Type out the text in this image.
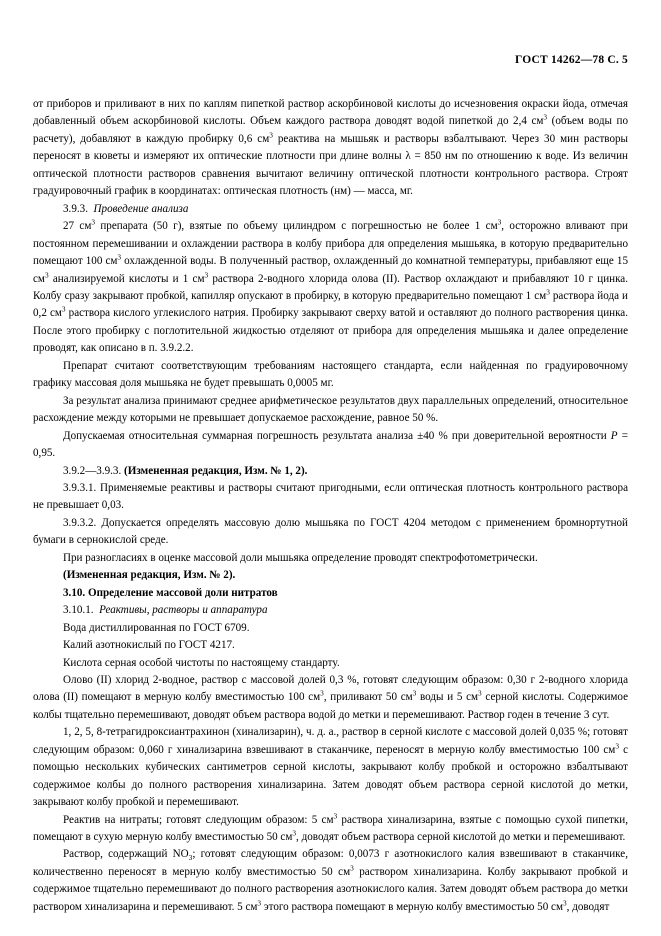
ГОСТ 14262—78 С. 5

от приборов и приливают в них по каплям пипеткой раствор аскорбиновой кислоты до исчезновения окраски йода, отмечая добавленный объем аскорбиновой кислоты. Объем каждого раствора доводят водой пипеткой до 2,4 $см^3$ (объем воды по расчету), добавляют в каждую пробирку 0,6 $см^3$ реактива на мышьяк и растворы взбалтывают. Через 30 мин растворы переносят в кюветы и измеряют их оптические плотности при длине волны λ = 850 нм по отношению к воде. Из величин оптической плотности растворов сравнения вычитают величину оптической плотности контрольного раствора. Строят градуировочный график в координатах: оптическая плотность (нм) — масса, мг.

3.9.3.  Проведение анализа

27 $см^3$ препарата (50 г), взятые по объему цилиндром с погрешностью не более 1 $см^3$, осторожно вливают при постоянном перемешивании и охлаждении раствора в колбу прибора для определения мышьяка, в которую предварительно помещают 100 $см^3$ охлажденной воды. В полученный раствор, охлажденный до комнатной температуры, прибавляют еще 15 $см^3$ анализируемой кислоты и 1 $см^3$ раствора 2-водного хлорида олова (II). Раствор охлаждают и прибавляют 10 г цинка. Колбу сразу закрывают пробкой, капилляр опускают в пробирку, в которую предварительно помещают 1 $см^3$ раствора йода и 0,2 $см^3$ раствора кислого углекислого натрия. Пробирку закрывают сверху ватой и оставляют до полного растворения цинка. После этого пробирку с поглотительной жидкостью отделяют от прибора для определения мышьяка и далее определение проводят, как описано в п. 3.9.2.2.

Препарат считают соответствующим требованиям настоящего стандарта, если найденная по градуировочному графику массовая доля мышьяка не будет превышать 0,0005 мг.

За результат анализа принимают среднее арифметическое результатов двух параллельных определений, относительное расхождение между которыми не превышает допускаемое расхождение, равное 50 %.

Допускаемая относительная суммарная погрешность результата анализа ±40 % при доверительной вероятности P = 0,95.

3.9.2—3.9.3. (Измененная редакция, Изм. № 1, 2).

3.9.3.1. Применяемые реактивы и растворы считают пригодными, если оптическая плотность контрольного раствора не превышает 0,03.

3.9.3.2. Допускается определять массовую долю мышьяка по ГОСТ 4204 методом с применением бромнортутной бумаги в сернокислой среде.

При разногласиях в оценке массовой доли мышьяка определение проводят спектрофотометрически.

(Измененная редакция, Изм. № 2).

3.10. Определение массовой доли нитратов

3.10.1.  Реактивы, растворы и аппаратура

Вода дистиллированная по ГОСТ 6709.

Калий азотнокислый по ГОСТ 4217.

Кислота серная особой чистоты по настоящему стандарту.

Олово (II) хлорид 2-водное, раствор с массовой долей 0,3 %, готовят следующим образом: 0,30 г 2-водного хлорида олова (II) помещают в мерную колбу вместимостью 100 $см^3$, приливают 50 $см^3$ воды и 5 $см^3$ серной кислоты. Содержимое колбы тщательно перемешивают, доводят объем раствора водой до метки и перемешивают. Раствор годен в течение 3 сут.

1, 2, 5, 8-тетрагидроксиантрахинон (хинализарин), ч. д. а., раствор в серной кислоте с массовой долей 0,035 %; готовят следующим образом: 0,060 г хинализарина взвешивают в стаканчике, переносят в мерную колбу вместимостью 100 $см^3$ с помощью нескольких кубических сантиметров серной кислоты, закрывают колбу пробкой и осторожно взбалтывают содержимое колбы до полного растворения хинализарина. Затем доводят объем раствора серной кислотой до метки, закрывают колбу пробкой и перемешивают.

Реактив на нитраты; готовят следующим образом: 5 $см^3$ раствора хинализарина, взятые с помощью сухой пипетки, помещают в сухую мерную колбу вместимостью 50 $см^3$, доводят объем раствора серной кислотой до метки и перемешивают.

Раствор, содержащий $NO_3$; готовят следующим образом: 0,0073 г азотнокислого калия взвешивают в стаканчике, количественно переносят в мерную колбу вместимостью 50 $см^3$ раствором хинализарина. Колбу закрывают пробкой и содержимое тщательно перемешивают до полного растворения азотнокислого калия. Затем доводят объем раствора до метки раствором хинализарина и перемешивают. 5 $см^3$ этого раствора помещают в мерную колбу вместимостью 50 $см^3$, доводят
